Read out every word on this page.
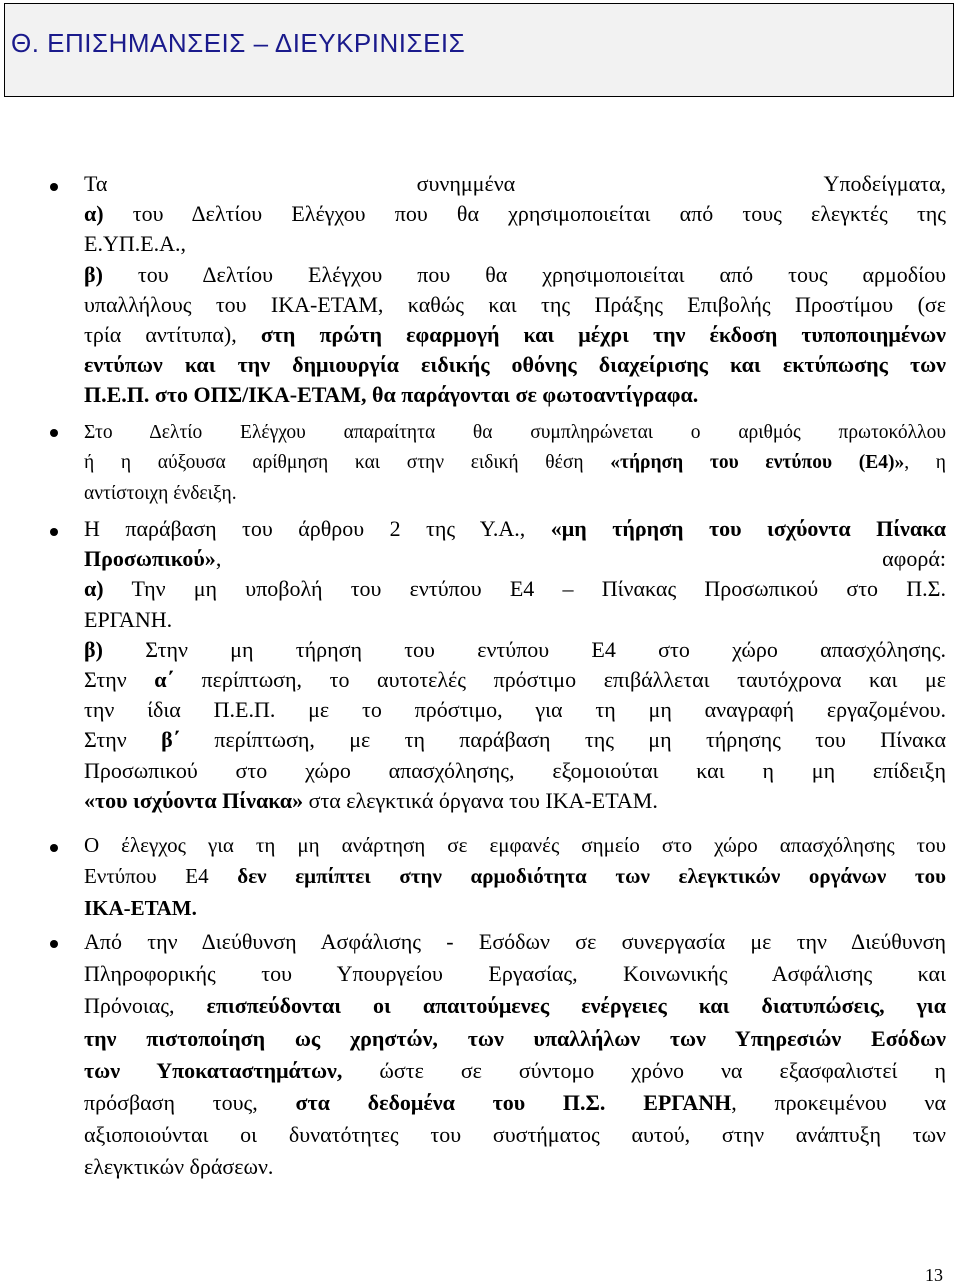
Θ. ΕΠΙΣΗΜΑΝΣΕΙΣ – ΔΙΕΥΚΡΙΝΙΣΕΙΣ
Τα συνημμένα Υποδείγματα,
α) του Δελτίου Ελέγχου που θα χρησιμοποιείται από τους ελεγκτές της
Ε.ΥΠ.Ε.Α.,
β) του Δελτίου Ελέγχου που θα χρησιμοποιείται από τους αρμοδίου
υπαλλήλους του ΙΚΑ-ΕΤΑΜ, καθώς και της Πράξης Επιβολής Προστίμου (σε
τρία αντίτυπα), στη πρώτη εφαρμογή και μέχρι την έκδοση τυποποιημένων
εντύπων και την δημιουργία ειδικής οθόνης διαχείρισης και εκτύπωσης των
Π.Ε.Π. στο ΟΠΣ/ΙΚΑ-ΕΤΑΜ, θα παράγονται σε φωτοαντίγραφα.
Στο Δελτίο Ελέγχου απαραίτητα θα συμπληρώνεται ο αριθμός πρωτοκόλλου
ή η αύξουσα αρίθμηση και στην ειδική θέση «τήρηση του εντύπου (Ε4)», η
αντίστοιχη ένδειξη.
Η παράβαση του άρθρου 2 της Υ.Α., «μη τήρηση του ισχύοντα Πίνακα
Προσωπικού», αφορά:
α) Την μη υποβολή του εντύπου Ε4 – Πίνακας Προσωπικού στο Π.Σ.
ΕΡΓΑΝΗ.
β) Στην μη τήρηση του εντύπου Ε4 στο χώρο απασχόλησης.
Στην α΄ περίπτωση, το αυτοτελές πρόστιμο επιβάλλεται ταυτόχρονα και με
την ίδια Π.Ε.Π. με το πρόστιμο, για τη μη αναγραφή εργαζομένου.
Στην β΄ περίπτωση, με τη παράβαση της μη τήρησης του Πίνακα
Προσωπικού στο χώρο απασχόλησης, εξομοιούται και η μη επίδειξη
«του ισχύοντα Πίνακα» στα ελεγκτικά όργανα του ΙΚΑ-ΕΤΑΜ.
Ο έλεγχος για τη μη ανάρτηση σε εμφανές σημείο στο χώρο απασχόλησης του
Εντύπου Ε4 δεν εμπίπτει στην αρμοδιότητα των ελεγκτικών οργάνων του
ΙΚΑ-ΕΤΑΜ.
Από την Διεύθυνση Ασφάλισης - Εσόδων σε συνεργασία με την Διεύθυνση
Πληροφορικής του Υπουργείου Εργασίας, Κοινωνικής Ασφάλισης και
Πρόνοιας, επισπεύδονται οι απαιτούμενες ενέργειες και διατυπώσεις, για
την πιστοποίηση ως χρηστών, των υπαλλήλων των Υπηρεσιών Εσόδων
των Υποκαταστημάτων, ώστε σε σύντομο χρόνο να εξασφαλιστεί η
πρόσβαση τους, στα δεδομένα του Π.Σ. ΕΡΓΑΝΗ, προκειμένου να
αξιοποιούνται οι δυνατότητες του συστήματος αυτού, στην ανάπτυξη των
ελεγκτικών δράσεων.
13
